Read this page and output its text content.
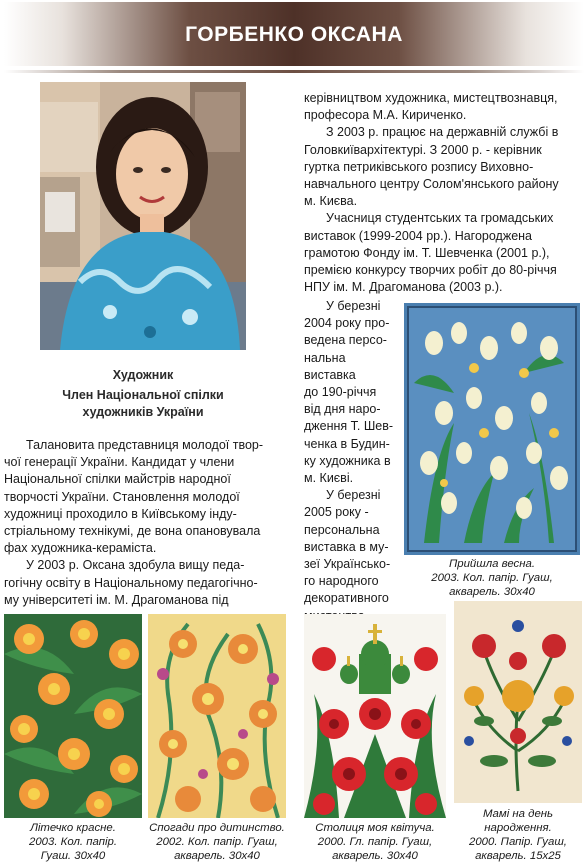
ГОРБЕНКО ОКСАНА
Художник
Член Національної спілки
художників України
Талановита представниця молодої твор-
чої генерації України. Кандидат у члени
Національної спілки майстрів народної
творчості України. Становлення молодої
художниці проходило в Київському інду-
стріальному технікумі, де вона опановувала
фах художника-кераміста.
У 2003 р. Оксана здобула вищу педа-
гогічну освіту в Національному педагогічно-
му університеті ім. М. Драгоманова під
керівництвом художника, мистецтвознавця,
професора М.А. Кириченко.
З 2003 р. працює на державній службі в
Головкиївархітектурі. З 2000 р. - керівник
гуртка петриківського розпису Виховно-
навчального центру Солом'янського району
м. Києва.
Учасниця студентських та громадських
виставок (1999-2004 рр.). Нагороджена
грамотою Фонду ім. Т. Шевченка (2001 р.),
премією конкурсу творчих робіт до 80-річчя
НПУ ім. М. Драгоманова (2003 р.).
У березні
2004 року про-
ведена персо-
нальна виставка
до 190-річчя
від дня наро-
дження Т. Шев-
ченка в Будин-
ку художника в
м. Києві.
У березні
2005 року -
персональна
виставка в му-
зеї Українсько-
го народного
декоративного
Прийшла весна.
2003. Кол. папір. Гуаш,
акварель. 30х40
Літечко красне.
2003. Кол. папір.
Гуаш. 30х40
Спогади про дитинство.
2002. Кол. папір. Гуаш,
акварель. 30х40
Столиця моя квітуча.
2000. Гл. папір. Гуаш,
акварель. 30х40
Мамі на день
народження.
2000. Папір. Гуаш,
акварель. 15х25
